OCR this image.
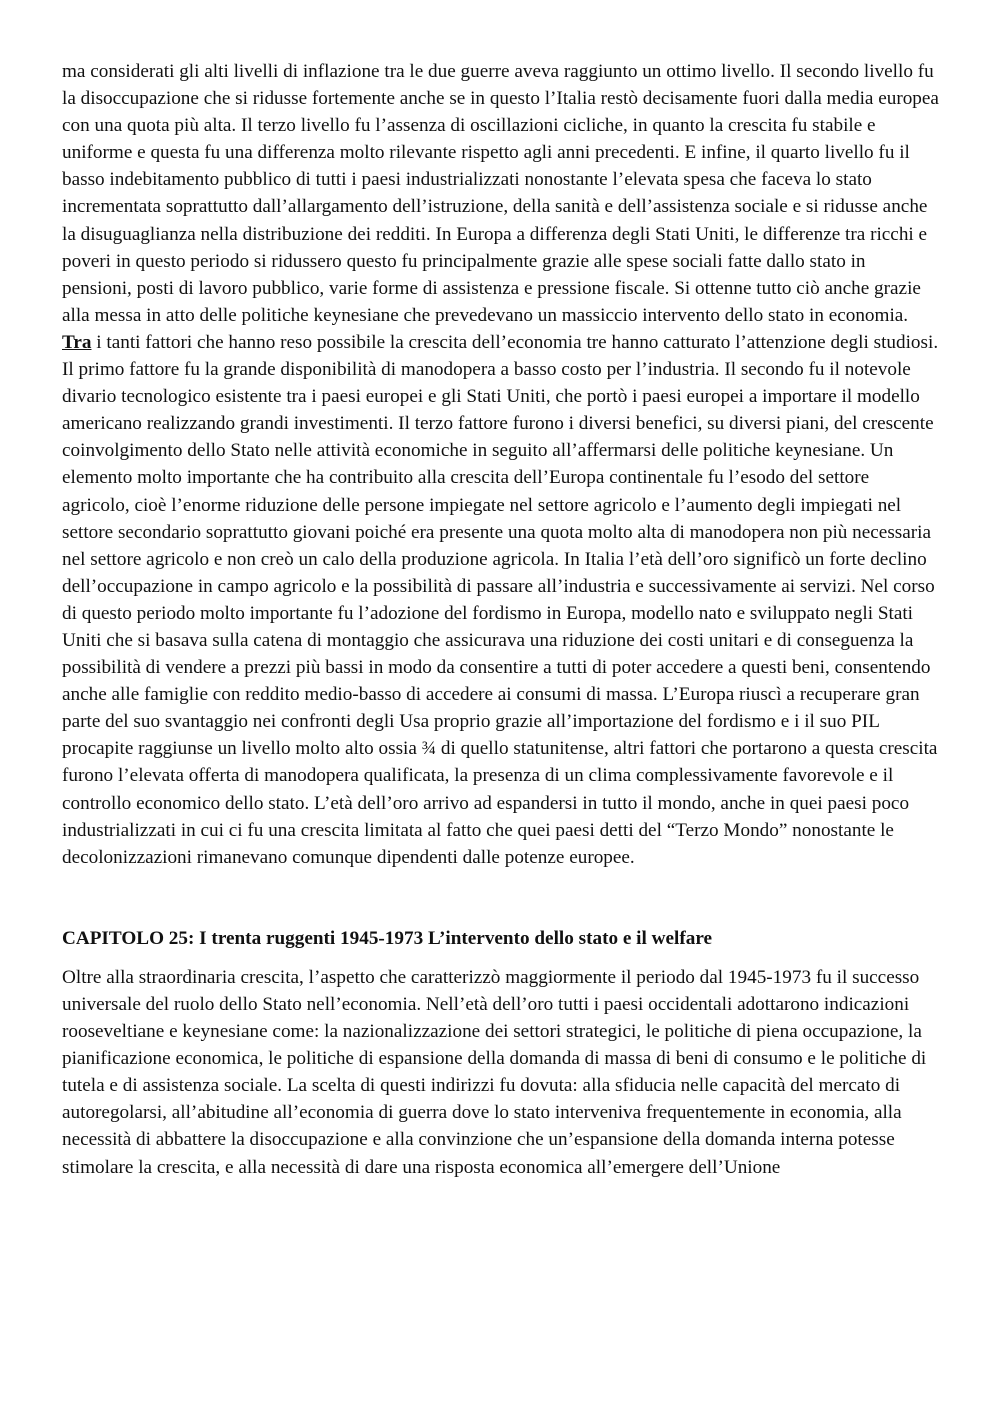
ma considerati gli alti livelli di inflazione tra le due guerre aveva raggiunto un ottimo livello. Il secondo livello fu la disoccupazione che si ridusse fortemente anche se in questo l’Italia restò decisamente fuori dalla media europea con una quota più alta. Il terzo livello fu l’assenza di oscillazioni cicliche, in quanto la crescita fu stabile e uniforme e questa fu una differenza molto rilevante rispetto agli anni precedenti. E infine, il quarto livello fu il basso indebitamento pubblico di tutti i paesi industrializzati nonostante l’elevata spesa che faceva lo stato incrementata soprattutto dall’allargamento dell’istruzione, della sanità e dell’assistenza sociale e si ridusse anche la disuguaglianza nella distribuzione dei redditi. In Europa a differenza degli Stati Uniti, le differenze tra ricchi e poveri in questo periodo si ridussero questo fu principalmente grazie alle spese sociali fatte dallo stato in pensioni, posti di lavoro pubblico, varie forme di assistenza e pressione fiscale. Si ottenne tutto ciò anche grazie alla messa in atto delle politiche keynesiane che prevedevano un massiccio intervento dello stato in economia. Tra i tanti fattori che hanno reso possibile la crescita dell’economia tre hanno catturato l’attenzione degli studiosi. Il primo fattore fu la grande disponibilità di manodopera a basso costo per l’industria. Il secondo fu il notevole divario tecnologico esistente tra i paesi europei e gli Stati Uniti, che portò i paesi europei a importare il modello americano realizzando grandi investimenti. Il terzo fattore furono i diversi benefici, su diversi piani, del crescente coinvolgimento dello Stato nelle attività economiche in seguito all’affermarsi delle politiche keynesiane. Un elemento molto importante che ha contribuito alla crescita dell’Europa continentale fu l’esodo del settore agricolo, cioè l’enorme riduzione delle persone impiegate nel settore agricolo e l’aumento degli impiegati nel settore secondario soprattutto giovani poiché era presente una quota molto alta di manodopera non più necessaria nel settore agricolo e non creò un calo della produzione agricola. In Italia l’età dell’oro significò un forte declino dell’occupazione in campo agricolo e la possibilità di passare all’industria e successivamente ai servizi. Nel corso di questo periodo molto importante fu l’adozione del fordismo in Europa, modello nato e sviluppato negli Stati Uniti che si basava sulla catena di montaggio che assicurava una riduzione dei costi unitari e di conseguenza la possibilità di vendere a prezzi più bassi in modo da consentire a tutti di poter accedere a questi beni, consentendo anche alle famiglie con reddito medio-basso di accedere ai consumi di massa. L’Europa riuscì a recuperare gran parte del suo svantaggio nei confronti degli Usa proprio grazie all’importazione del fordismo e i il suo PIL procapite raggiunse un livello molto alto ossia ¾ di quello statunitense, altri fattori che portarono a questa crescita furono l’elevata offerta di manodopera qualificata, la presenza di un clima complessivamente favorevole e il controllo economico dello stato. L’età dell’oro arrivo ad espandersi in tutto il mondo, anche in quei paesi poco industrializzati in cui ci fu una crescita limitata al fatto che quei paesi detti del “Terzo Mondo” nonostante le decolonizzazioni rimanevano comunque dipendenti dalle potenze europee.

CAPITOLO 25: I trenta ruggenti 1945-1973 L’intervento dello stato e il welfare

Oltre alla straordinaria crescita, l’aspetto che caratterizzò maggiormente il periodo dal 1945-1973 fu il successo universale del ruolo dello Stato nell’economia. Nell’età dell’oro tutti i paesi occidentali adottarono indicazioni rooseveltiane e keynesiane come: la nazionalizzazione dei settori strategici, le politiche di piena occupazione, la pianificazione economica, le politiche di espansione della domanda di massa di beni di consumo e le politiche di tutela e di assistenza sociale. La scelta di questi indirizzi fu dovuta: alla sfiducia nelle capacità del mercato di autoregolarsi, all’abitudine all’economia di guerra dove lo stato interveniva frequentemente in economia, alla necessità di abbattere la disoccupazione e alla convinzione che un’espansione della domanda interna potesse stimolare la crescita, e alla necessità di dare una risposta economica all’emergere dell’Unione
